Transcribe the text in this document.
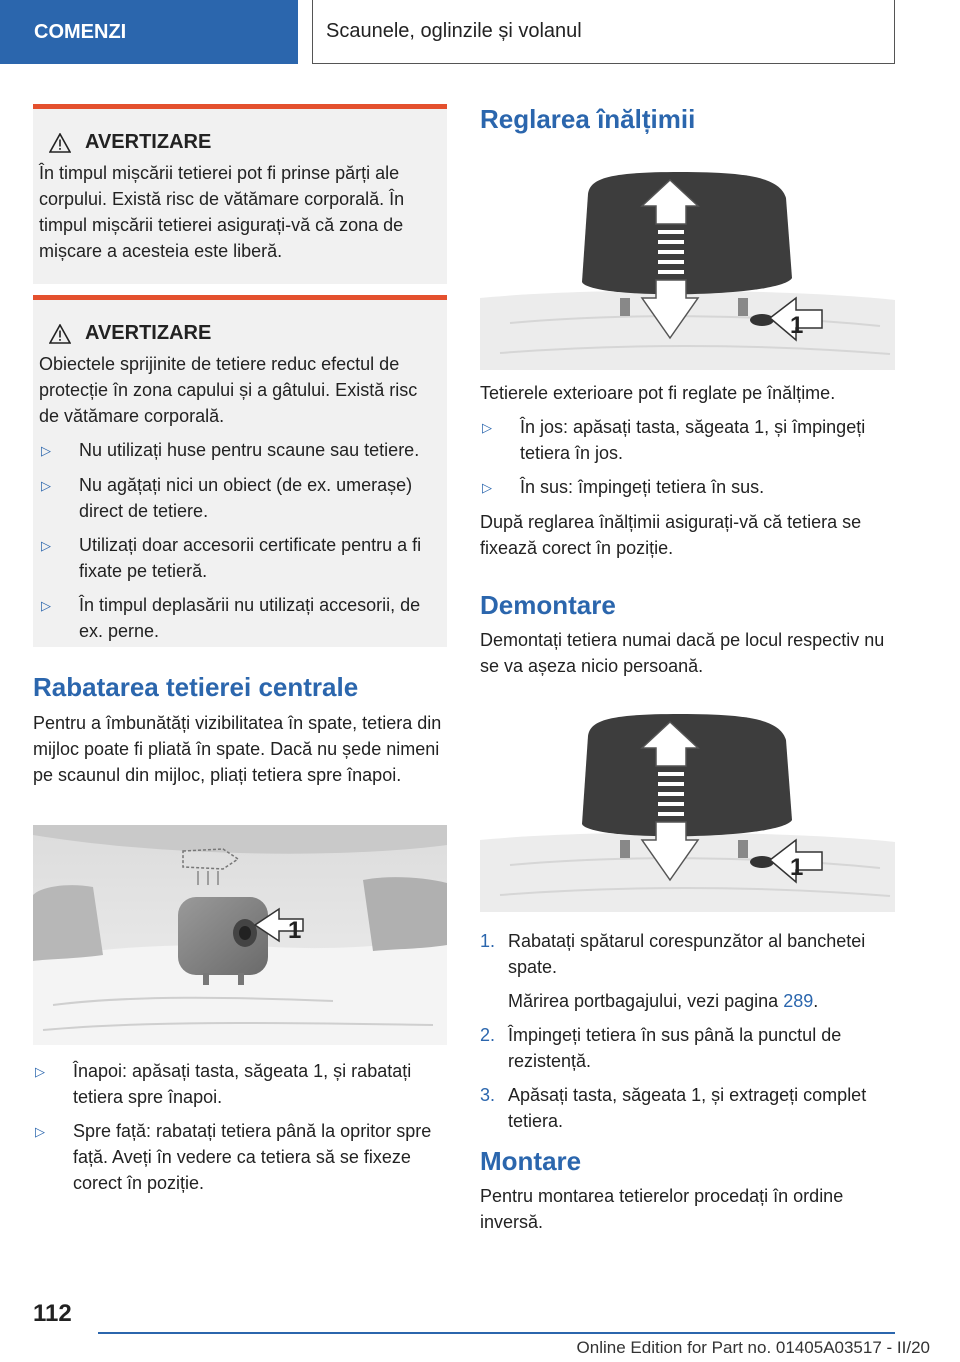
COMENZI	Scaunele, oglinzile și volanul
AVERTIZARE

În timpul mișcării tetierei pot fi prinse părți ale corpului. Există risc de vătămare corporală. În timpul mișcării tetierei asigurați-vă că zona de mișcare a acesteia este liberă.

AVERTIZARE

Obiectele sprijinite de tetiere reduc efectul de protecție în zona capului și a gâtului. Există risc de vătămare corporală.

▷	Nu utilizați huse pentru scaune sau tetiere.
▷	Nu agățați nici un obiect (de ex. umerașe) direct de tetiere.
▷	Utilizați doar accesorii certificate pentru a fi fixate pe tetieră.
▷	În timpul deplasării nu utilizați accesorii, de ex. perne.
Rabatarea tetierei centrale

Pentru a îmbunătăți vizibilitatea în spate, tetiera din mijloc poate fi pliată în spate. Dacă nu șede nimeni pe scaunul din mijloc, pliați tetiera spre înapoi.

1
▷	Înapoi: apăsați tasta, săgeata 1, și rabatați tetiera spre înapoi.
▷	Spre față: rabatați tetiera până la opritor spre față. Aveți în vedere ca tetiera să se fixeze corect în poziție.
Reglarea înălțimii
1

Tetierele exterioare pot fi reglate pe înălțime.

▷	În jos: apăsați tasta, săgeata 1, și împingeți tetiera în jos.
▷	În sus: împingeți tetiera în sus.

După reglarea înălțimii asigurați-vă că tetiera se fixează corect în poziție.

Demontare

Demontați tetiera numai dacă pe locul respectiv nu se va așeza nicio persoană.

1
1. Rabatați spătarul corespunzător al banchetei spate.

Mărirea portbagajului, vezi pagina 289.

2. Împingeți tetiera în sus până la punctul de rezistență.
3. Apăsați tasta, săgeata 1, și extrageți complet tetiera.
Montare

Pentru montarea tetierelor procedați în ordine inversă.

112
Online Edition for Part no. 01405A03517 - II/20
